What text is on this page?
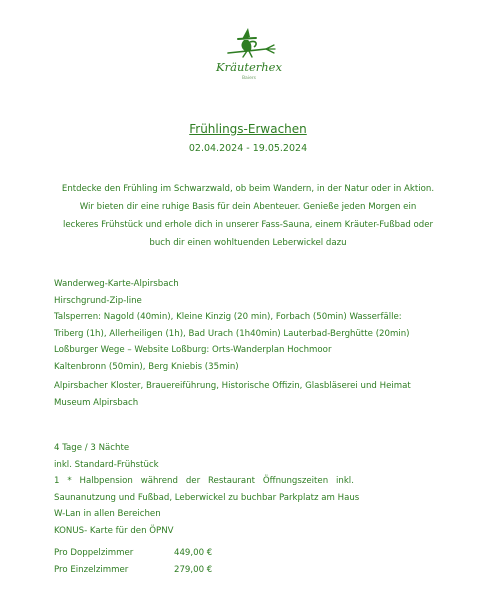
Kräuterhex
Baiers
Frühlings-Erwachen
02.04.2024 - 19.05.2024
Entdecke den Frühling im Schwarzwald, ob beim Wandern, in der Natur oder in Aktion.
Wir bieten dir eine ruhige Basis für dein Abenteuer. Genieße jeden Morgen ein
leckeres Frühstück und erhole dich in unserer Fass-Sauna, einem Kräuter-Fußbad oder
buch dir einen wohltuenden Leberwickel dazu
Wanderweg-Karte-Alpirsbach
Hirschgrund-Zip-line
Talsperren: Nagold (40min), Kleine Kinzig (20 min), Forbach (50min) Wasserfälle:
Triberg (1h), Allerheiligen (1h), Bad Urach (1h40min) Lauterbad-Berghütte (20min)
Loßburger Wege – Website Loßburg: Orts-Wanderplan Hochmoor
Kaltenbronn (50min), Berg Kniebis (35min)
Alpirsbacher Kloster, Brauereiführung, Historische Offizin, Glasbläserei und Heimat
Museum Alpirsbach
4 Tage / 3 Nächte
inkl. Standard-Frühstück
1 * Halbpension während der Restaurant Öffnungszeiten inkl.
Saunanutzung und Fußbad, Leberwickel zu buchbar Parkplatz am Haus
W-Lan in allen Bereichen
KONUS- Karte für den ÖPNV
Pro Doppelzimmer	449,00 €
Pro Einzelzimmer	279,00 €
